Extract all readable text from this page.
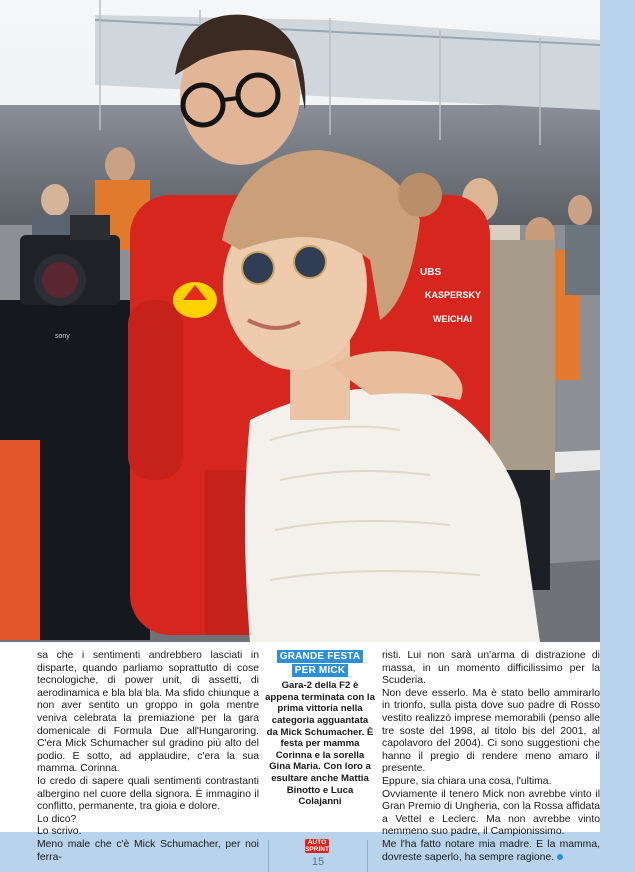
sony
UBS
KASPERSKY
WEICHAI

sa che i sentimenti andrebbero lasciati in disparte, quando parliamo soprattutto di cose tecnologiche, di power unit, di assetti, di aerodinamica e bla bla bla. Ma sfido chiunque a non aver sentito un groppo in gola mentre veniva celebrata la premiazione per la gara domenicale di Formula Due all'Hungaroring. C'era Mick Schumacher sul gradino più alto del podio. E sotto, ad applaudire, c'era la sua mamma. Corinna.

Io credo di sapere quali sentimenti contrastanti albergino nel cuore della signora. È immagino il conflitto, permanente, tra gioia e dolore.

Lo dico?

Lo scrivo.

Meno male che c'è Mick Schumacher, per noi ferra-

GRANDE FESTA
PER MICK
Gara-2 della F2 è appena terminata con la prima vittoria nella categoria agguantata da Mick Schumacher. È festa per mamma Corinna e la sorella Gina Maria. Con loro a esultare anche Mattia Binotto e Luca Colajanni

risti. Lui non sarà un'arma di distrazione di massa, in un momento difficilissimo per la Scuderia.

Non deve esserlo. Ma è stato bello ammirarlo in trionfo, sulla pista dove suo padre di Rosso vestito realizzò imprese memorabili (penso alle tre soste del 1998, al titolo bis del 2001, al capolavoro del 2004). Ci sono suggestioni che hanno il pregio di rendere meno amaro il presente.

Eppure, sia chiara una cosa, l'ultima.

Ovviamente il tenero Mick non avrebbe vinto il Gran Premio di Ungheria, con la Rossa affidata a Vettel e Leclerc. Ma non avrebbe vinto nemmeno suo padre, il Campionissimo.

Me l'ha fatto notare mia madre. E la mamma, dovreste saperlo, ha sempre ragione.

AUTO
SPRINT
15
